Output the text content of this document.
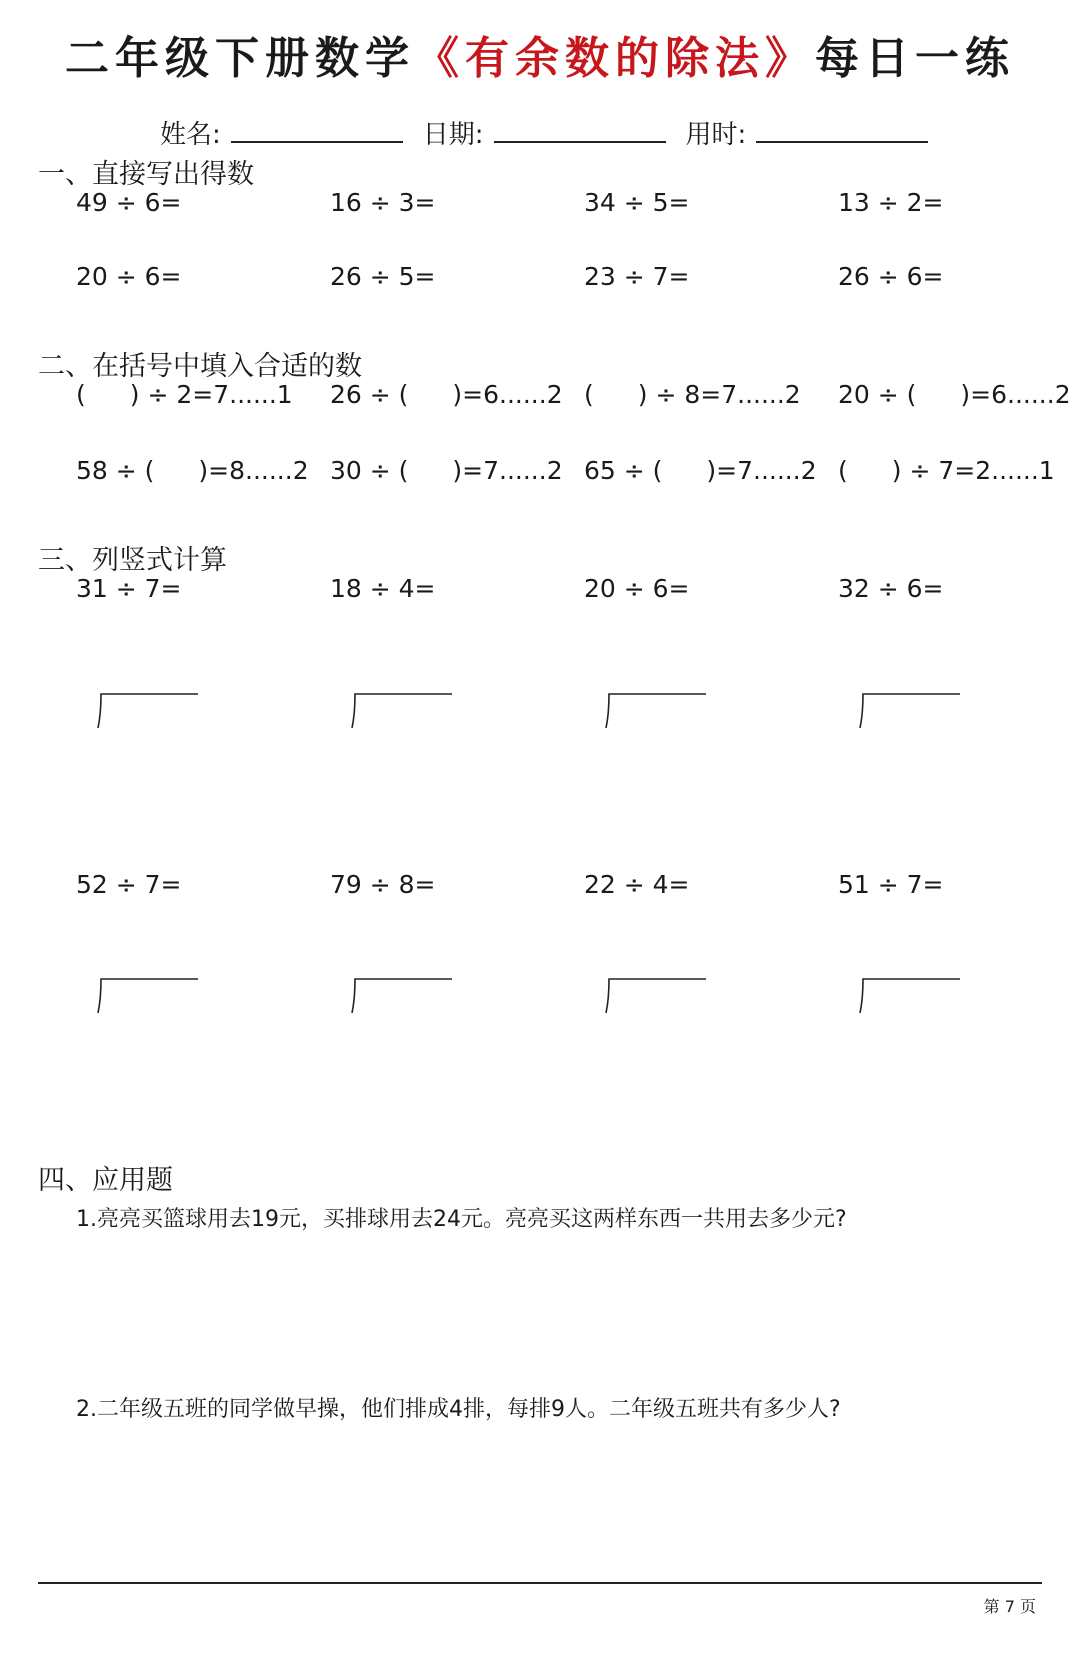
二年级下册数学《有余数的除法》每日一练
姓名:	日期:	用时:
一、直接写出得数
49 ÷ 6=	16 ÷ 3=	34 ÷ 5=	13 ÷ 2=
20 ÷ 6=	26 ÷ 5=	23 ÷ 7=	26 ÷ 6=
二、在括号中填入合适的数
( ) ÷ 2=7......1 26 ÷ ( )=6......2 ( ) ÷ 8=7......2 20 ÷ ( )=6......2
58 ÷ ( )=8......2 30 ÷ ( )=7......2 65 ÷ ( )=7......2 ( ) ÷ 7=2......1
三、列竖式计算
31 ÷ 7=	18 ÷ 4=	20 ÷ 6=	32 ÷ 6=
52 ÷ 7=	79 ÷ 8=	22 ÷ 4=	51 ÷ 7=
四、应用题
1.亮亮买篮球用去19元，买排球用去24元。亮亮买这两样东西一共用去多少元?
2.二年级五班的同学做早操，他们排成4排，每排9人。二年级五班共有多少人?
第 7 页
